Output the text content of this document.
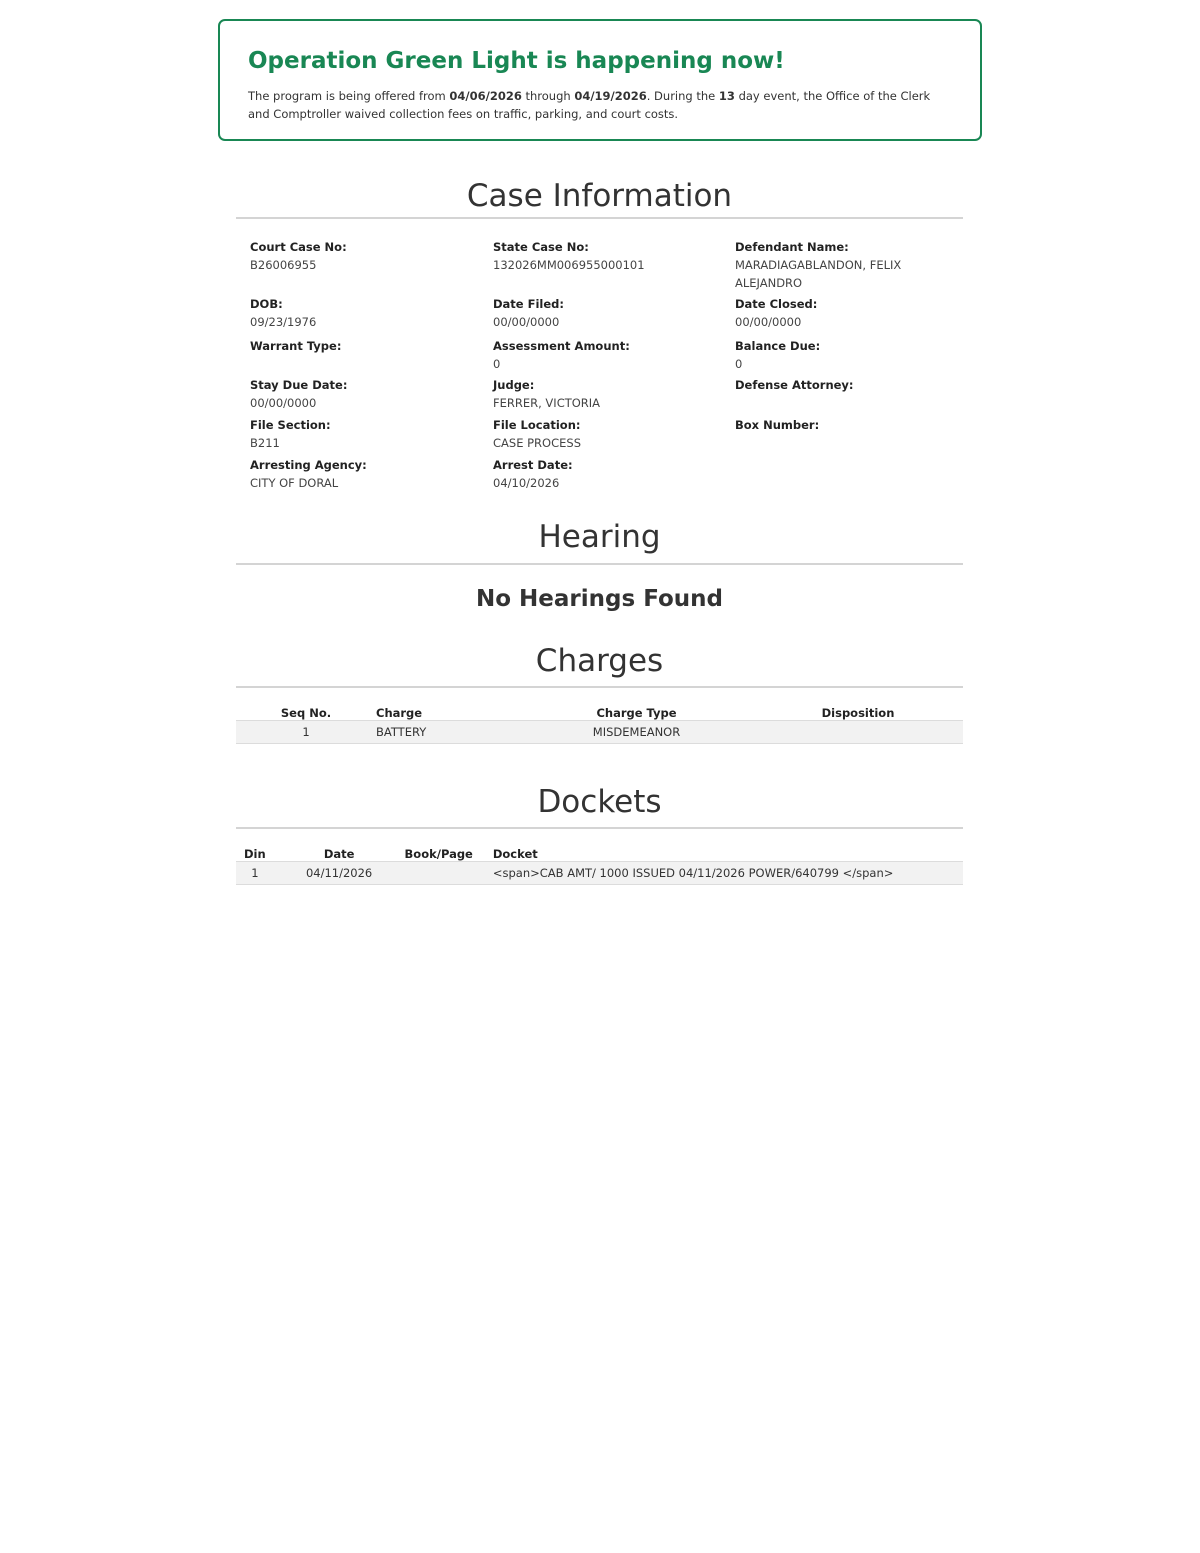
Operation Green Light is happening now!

The program is being offered from 04/06/2026 through 04/19/2026. During the 13 day event, the Office of the Clerk and Comptroller waived collection fees on traffic, parking, and court costs.

Case Information
Court Case No:
B26006955
State Case No:
132026MM006955000101
Defendant Name:
MARADIAGABLANDON, FELIX ALEJANDRO
DOB:
09/23/1976
Date Filed:
00/00/0000
Date Closed:
00/00/0000
Warrant Type:	Assessment Amount:
0
Balance Due:
0
Stay Due Date:
00/00/0000
Judge:
FERRER, VICTORIA
Defense Attorney:
File Section:
B211
File Location:
CASE PROCESS
Box Number:
Arresting Agency:
CITY OF DORAL
Arrest Date:
04/10/2026
Hearing
No Hearings Found
Charges
Seq No.	Charge	Charge Type	Disposition
1	BATTERY	MISDEMEANOR	
Dockets
Din	Date	Book/Page	Docket
1	04/11/2026		<span>CAB AMT/ 1000 ISSUED 04/11/2026 POWER/640799 </span>
